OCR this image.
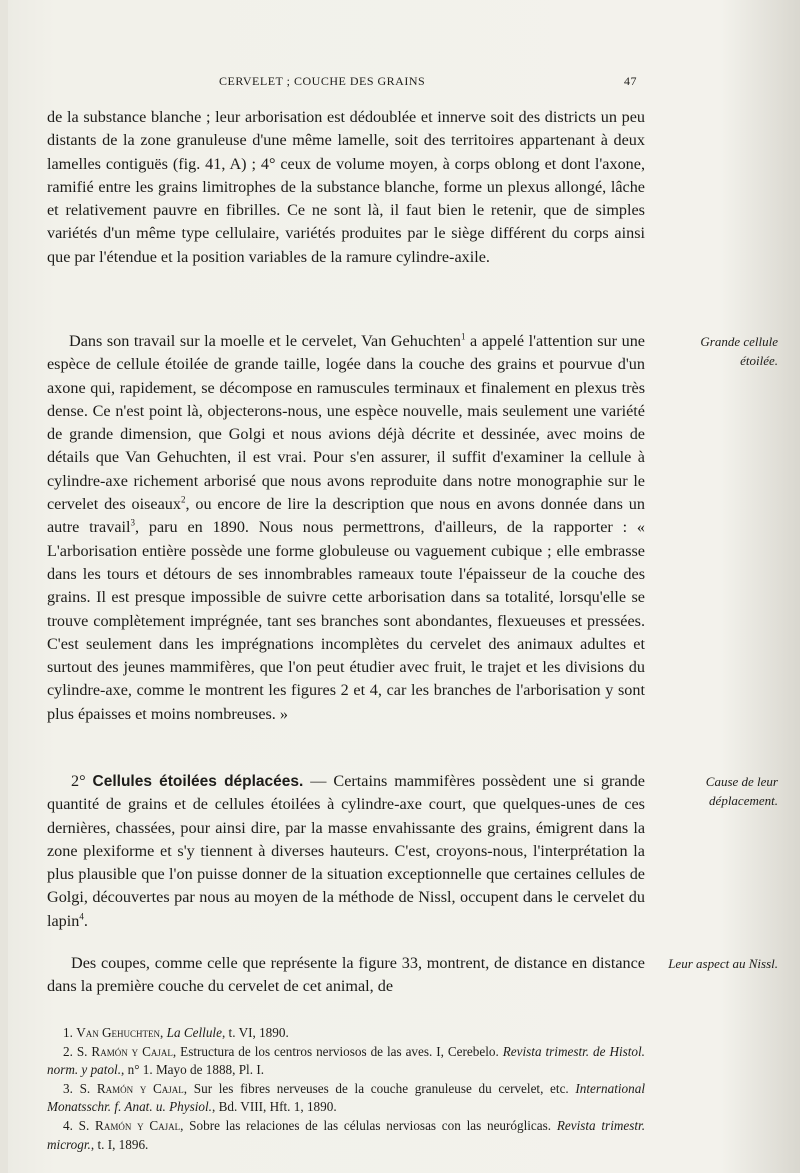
CERVELET ; COUCHE DES GRAINS	47

de la substance blanche ; leur arborisation est dédoublée et innerve soit des districts un peu distants de la zone granuleuse d'une même lamelle, soit des territoires appartenant à deux lamelles contiguës (fig. 41, A) ; 4° ceux de volume moyen, à corps oblong et dont l'axone, ramifié entre les grains limitrophes de la substance blanche, forme un plexus allongé, lâche et relativement pauvre en fibrilles. Ce ne sont là, il faut bien le retenir, que de simples variétés d'un même type cellulaire, variétés produites par le siège différent du corps ainsi que par l'étendue et la position variables de la ramure cylindre-axile.

Dans son travail sur la moelle et le cervelet, Van Gehuchten$^1$ a appelé l'attention sur une espèce de cellule étoilée de grande taille, logée dans la couche des grains et pourvue d'un axone qui, rapidement, se décompose en ramuscules terminaux et finalement en plexus très dense. Ce n'est point là, objecterons-nous, une espèce nouvelle, mais seulement une variété de grande dimension, que Golgi et nous avions déjà décrite et dessinée, avec moins de détails que Van Gehuchten, il est vrai. Pour s'en assurer, il suffit d'examiner la cellule à cylindre-axe richement arborisé que nous avons reproduite dans notre monographie sur le cervelet des oiseaux$^2$, ou encore de lire la description que nous en avons donnée dans un autre travail$^3$, paru en 1890. Nous nous permettrons, d'ailleurs, de la rapporter : « L'arborisation entière possède une forme globuleuse ou vaguement cubique ; elle embrasse dans les tours et détours de ses innombrables rameaux toute l'épaisseur de la couche des grains. Il est presque impossible de suivre cette arborisation dans sa totalité, lorsqu'elle se trouve complètement imprégnée, tant ses branches sont abondantes, flexueuses et pressées. C'est seulement dans les imprégnations incomplètes du cervelet des animaux adultes et surtout des jeunes mammifères, que l'on peut étudier avec fruit, le trajet et les divisions du cylindre-axe, comme le montrent les figures 2 et 4, car les branches de l'arborisation y sont plus épaisses et moins nombreuses. »

2° Cellules étoilées déplacées. — Certains mammifères possèdent une si grande quantité de grains et de cellules étoilées à cylindre-axe court, que quelques-unes de ces dernières, chassées, pour ainsi dire, par la masse envahissante des grains, émigrent dans la zone plexiforme et s'y tiennent à diverses hauteurs. C'est, croyons-nous, l'interprétation la plus plausible que l'on puisse donner de la situation exceptionnelle que certaines cellules de Golgi, découvertes par nous au moyen de la méthode de Nissl, occupent dans le cervelet du lapin$^4$.

Des coupes, comme celle que représente la figure 33, montrent, de distance en distance dans la première couche du cervelet de cet animal, de

Grande cellule étoilée.
Cause de leur déplacement.
Leur aspect au Nissl.

1. Van Gehuchten, La Cellule, t. VI, 1890.

2. S. Ramón y Cajal, Estructura de los centros nerviosos de las aves. I, Cerebelo. Revista trimestr. de Histol. norm. y patol., n° 1. Mayo de 1888, Pl. I.

3. S. Ramón y Cajal, Sur les fibres nerveuses de la couche granuleuse du cervelet, etc. International Monatsschr. f. Anat. u. Physiol., Bd. VIII, Hft. 1, 1890.

4. S. Ramón y Cajal, Sobre las relaciones de las células nerviosas con las neuróglicas. Revista trimestr. microgr., t. I, 1896.
